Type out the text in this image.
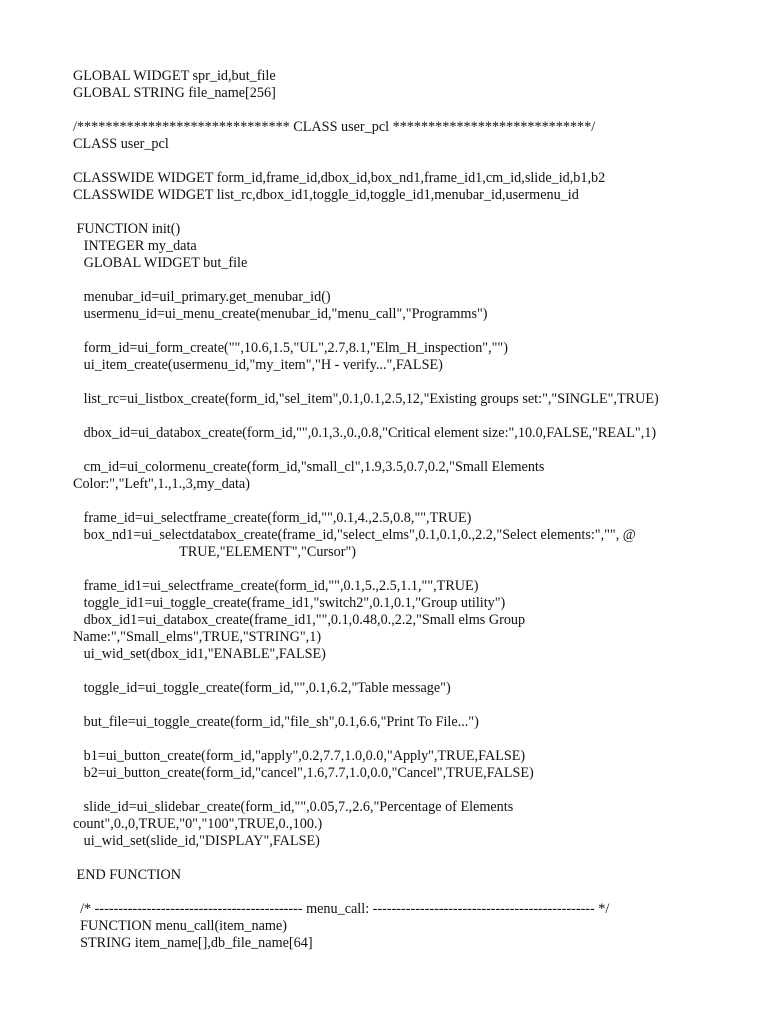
GLOBAL WIDGET spr_id,but_file
GLOBAL STRING file_name[256]
/****************************** CLASS user_pcl ****************************/
CLASS user_pcl
CLASSWIDE WIDGET form_id,frame_id,dbox_id,box_nd1,frame_id1,cm_id,slide_id,b1,b2
CLASSWIDE WIDGET list_rc,dbox_id1,toggle_id,toggle_id1,menubar_id,usermenu_id
FUNCTION init()
INTEGER my_data
GLOBAL WIDGET but_file
menubar_id=uil_primary.get_menubar_id()
usermenu_id=ui_menu_create(menubar_id,"menu_call","Programms")
form_id=ui_form_create("",10.6,1.5,"UL",2.7,8.1,"Elm_H_inspection","")
ui_item_create(usermenu_id,"my_item","H - verify...",FALSE)
list_rc=ui_listbox_create(form_id,"sel_item",0.1,0.1,2.5,12,"Existing groups set:","SINGLE",TRUE)
dbox_id=ui_databox_create(form_id,"",0.1,3.,0.,0.8,"Critical element size:",10.0,FALSE,"REAL",1)
cm_id=ui_colormenu_create(form_id,"small_cl",1.9,3.5,0.7,0.2,"Small Elements
Color:","Left",1.,1.,3,my_data)
frame_id=ui_selectframe_create(form_id,"",0.1,4.,2.5,0.8,"",TRUE)
box_nd1=ui_selectdatabox_create(frame_id,"select_elms",0.1,0.1,0.,2.2,"Select elements:","", @
TRUE,"ELEMENT","Cursor")
frame_id1=ui_selectframe_create(form_id,"",0.1,5.,2.5,1.1,"",TRUE)
toggle_id1=ui_toggle_create(frame_id1,"switch2",0.1,0.1,"Group utility")
dbox_id1=ui_databox_create(frame_id1,"",0.1,0.48,0.,2.2,"Small elms Group
Name:","Small_elms",TRUE,"STRING",1)
ui_wid_set(dbox_id1,"ENABLE",FALSE)
toggle_id=ui_toggle_create(form_id,"",0.1,6.2,"Table message")
but_file=ui_toggle_create(form_id,"file_sh",0.1,6.6,"Print To File...")
b1=ui_button_create(form_id,"apply",0.2,7.7,1.0,0.0,"Apply",TRUE,FALSE)
b2=ui_button_create(form_id,"cancel",1.6,7.7,1.0,0.0,"Cancel",TRUE,FALSE)
slide_id=ui_slidebar_create(form_id,"",0.05,7.,2.6,"Percentage of Elements
count",0.,0,TRUE,"0","100",TRUE,0.,100.)
ui_wid_set(slide_id,"DISPLAY",FALSE)
END FUNCTION
/* -------------------------------------------- menu_call: ----------------------------------------------- */
FUNCTION menu_call(item_name)
STRING item_name[],db_file_name[64]
